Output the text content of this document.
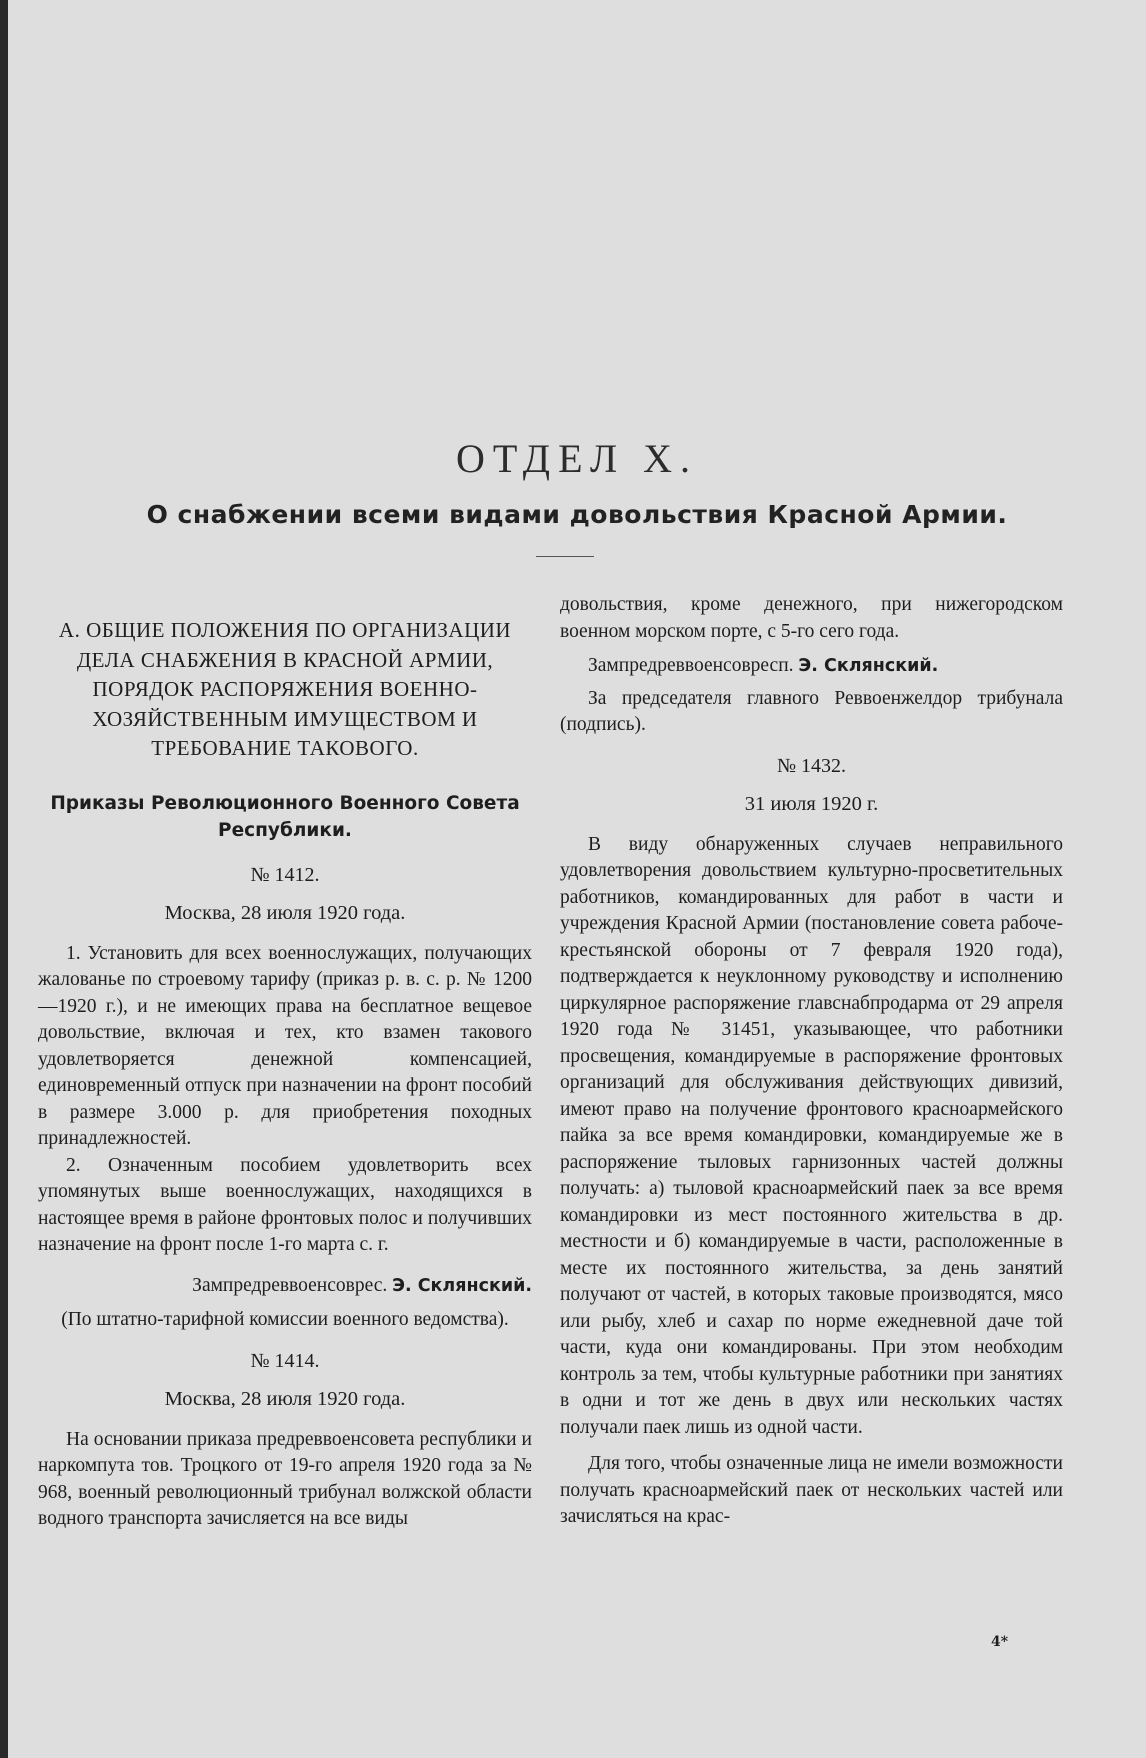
ОТДЕЛ X.
О снабжении всеми видами довольствия Красной Армии.

А. ОБЩИЕ ПОЛОЖЕНИЯ ПО ОРГАНИЗАЦИИ ДЕЛА СНАБЖЕНИЯ В КРАСНОЙ АРМИИ, ПОРЯДОК РАСПОРЯЖЕНИЯ ВОЕННО-ХОЗЯЙСТВЕННЫМ ИМУЩЕСТВОМ И ТРЕБОВАНИЕ ТАКОВОГО.

Приказы Революционного Военного Совета Республики.

№ 1412.

Москва, 28 июля 1920 года.

1. Установить для всех военнослужащих, получающих жалованье по строевому тарифу (приказ р. в. с. р. № 1200—1920 г.), и не имеющих права на бесплатное вещевое довольствие, включая и тех, кто взамен такового удовлетворяется денежной компенсацией, единовременный отпуск при назначении на фронт пособий в размере 3.000 р. для приобретения походных принадлежностей.

2. Означенным пособием удовлетворить всех упомянутых выше военнослужащих, находящихся в настоящее время в районе фронтовых полос и получивших назначение на фронт после 1-го марта с. г.

Зампредреввоенсоврес. Э. Склянский.

(По штатно-тарифной комиссии военного ведомства).

№ 1414.

Москва, 28 июля 1920 года.

На основании приказа предреввоенсовета республики и наркомпута тов. Троцкого от 19-го апреля 1920 года за № 968, военный революционный трибунал волжской области водного транспорта зачисляется на все виды

довольствия, кроме денежного, при нижегородском военном морском порте, с 5-го сего года.

Зампредреввоенсовресп. Э. Склянский.

За председателя главного Реввоенжелдор трибунала (подпись).

№ 1432.

31 июля 1920 г.

В виду обнаруженных случаев неправильного удовлетворения довольствием культурно-просветительных работников, командированных для работ в части и учреждения Красной Армии (постановление совета рабоче-крестьянской обороны от 7 февраля 1920 года), подтверждается к неуклонному руководству и исполнению циркулярное распоряжение главснабпродарма от 29 апреля 1920 года № 31451, указывающее, что работники просвещения, командируемые в распоряжение фронтовых организаций для обслуживания действующих дивизий, имеют право на получение фронтового красноармейского пайка за все время командировки, командируемые же в распоряжение тыловых гарнизонных частей должны получать: а) тыловой красноармейский паек за все время командировки из мест постоянного жительства в др. местности и б) командируемые в части, расположенные в месте их постоянного жительства, за день занятий получают от частей, в которых таковые производятся, мясо или рыбу, хлеб и сахар по норме ежедневной даче той части, куда они командированы. При этом необходим контроль за тем, чтобы культурные работники при занятиях в одни и тот же день в двух или нескольких частях получали паек лишь из одной части.

Для того, чтобы означенные лица не имели возможности получать красноармейский паек от нескольких частей или зачисляться на крас-

4*
